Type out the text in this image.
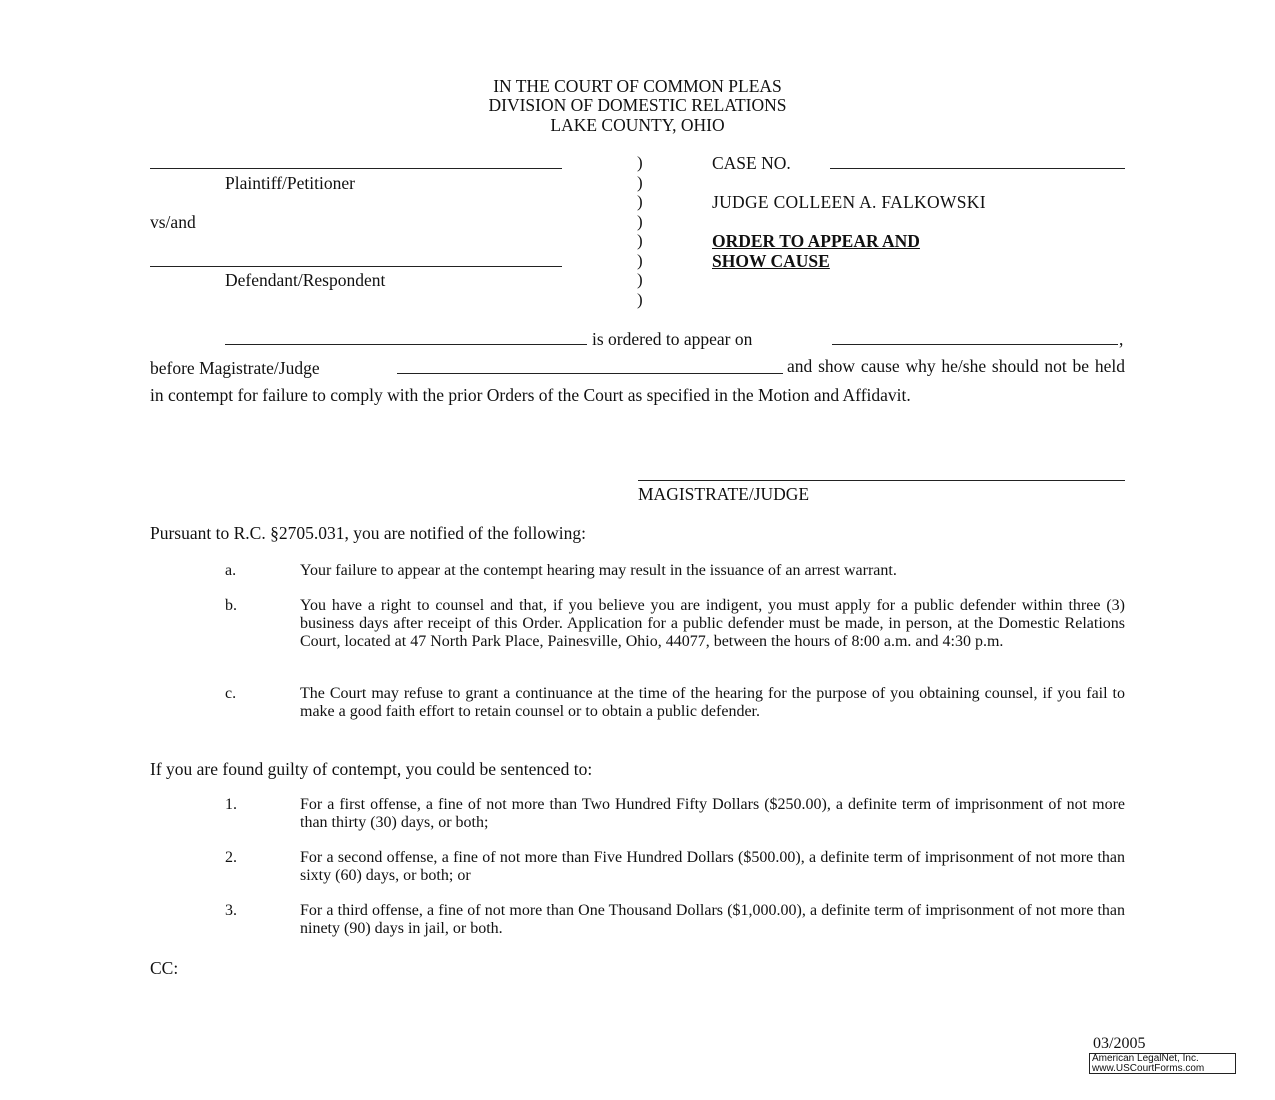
IN THE COURT OF COMMON PLEAS
DIVISION OF DOMESTIC RELATIONS
LAKE COUNTY, OHIO
Plaintiff/Petitioner
vs/and
Defendant/Respondent
)
)
)
)
)
)
)
)
CASE NO.
JUDGE COLLEEN A. FALKOWSKI
ORDER TO APPEAR AND
SHOW CAUSE
is ordered to appear on	,
before Magistrate/Judge	and show cause why he/she should not be held in contempt for failure to comply with the prior Orders of the Court as specified in the Motion and Affidavit.
MAGISTRATE/JUDGE
Pursuant to R.C. §2705.031, you are notified of the following:
a.	Your failure to appear at the contempt hearing may result in the issuance of an arrest warrant.
b.	You have a right to counsel and that, if you believe you are indigent, you must apply for a public defender within three (3) business days after receipt of this Order. Application for a public defender must be made, in person, at the Domestic Relations Court, located at 47 North Park Place, Painesville, Ohio, 44077, between the hours of 8:00 a.m. and 4:30 p.m.
c.	The Court may refuse to grant a continuance at the time of the hearing for the purpose of you obtaining counsel, if you fail to make a good faith effort to retain counsel or to obtain a public defender.
If you are found guilty of contempt, you could be sentenced to:
1.	For a first offense, a fine of not more than Two Hundred Fifty Dollars ($250.00), a definite term of imprisonment of not more than thirty (30) days, or both;
2.	For a second offense, a fine of not more than Five Hundred Dollars ($500.00), a definite term of imprisonment of not more than sixty (60) days, or both; or
3.	For a third offense, a fine of not more than One Thousand Dollars ($1,000.00), a definite term of imprisonment of not more than ninety (90) days in jail, or both.
CC:
03/2005
American LegalNet, Inc.
www.USCourtForms.com
